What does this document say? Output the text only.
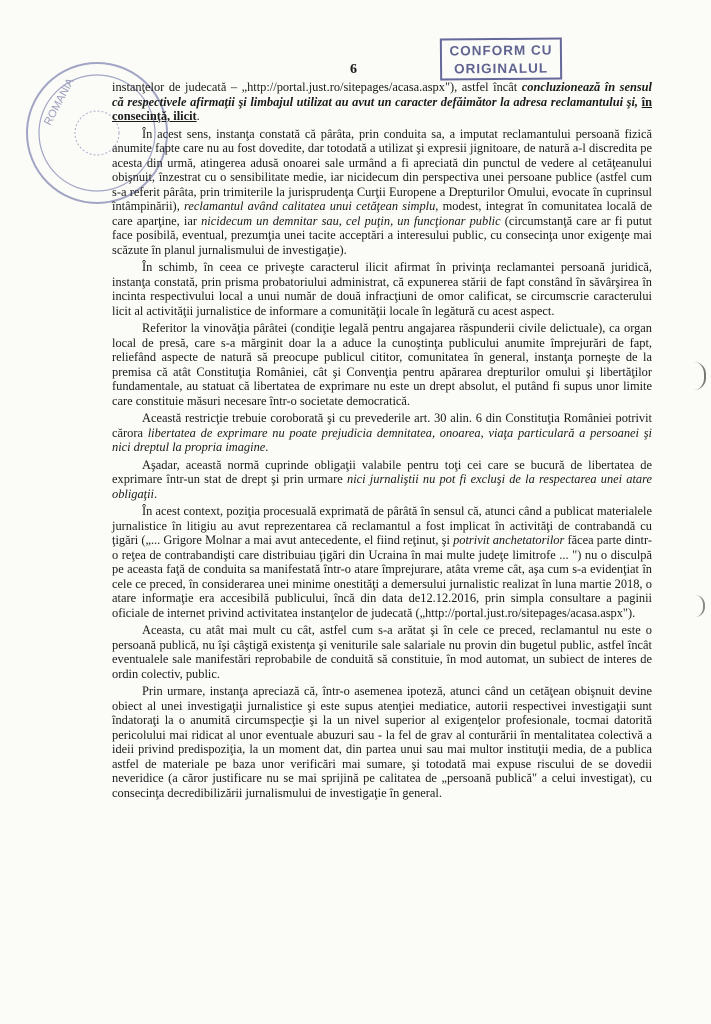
ROMANIA
CONFORM CU
ORIGINALUL
6

instanţelor de judecată – „http://portal.just.ro/sitepages/acasa.aspx"), astfel încât concluzionează în sensul că respectivele afirmaţii şi limbajul utilizat au avut un caracter defăimător la adresa reclamantului şi, în consecinţă, ilicit.

În acest sens, instanţa constată că pârâta, prin conduita sa, a imputat reclamantului persoană fizică anumite fapte care nu au fost dovedite, dar totodată a utilizat şi expresii jignitoare, de natură a-l discredita pe acesta din urmă, atingerea adusă onoarei sale urmând a fi apreciată din punctul de vedere al cetăţeanului obişnuit, înzestrat cu o sensibilitate medie, iar nicidecum din perspectiva unei persoane publice (astfel cum s-a referit pârâta, prin trimiterile la jurisprudenţa Curţii Europene a Drepturilor Omului, evocate în cuprinsul întâmpinării), reclamantul având calitatea unui cetăţean simplu, modest, integrat în comunitatea locală de care aparţine, iar nicidecum un demnitar sau, cel puţin, un funcţionar public (circumstanţă care ar fi putut face posibilă, eventual, prezumţia unei tacite acceptări a interesului public, cu consecinţa unor exigenţe mai scăzute în planul jurnalismului de investigaţie).

În schimb, în ceea ce priveşte caracterul ilicit afirmat în privinţa reclamantei persoană juridică, instanţa constată, prin prisma probatoriului administrat, că expunerea stării de fapt constând în săvârşirea în incinta respectivului local a unui număr de două infracţiuni de omor calificat, se circumscrie caracterului licit al activităţii jurnalistice de informare a comunităţii locale în legătură cu acest aspect.

Referitor la vinovăţia pârâtei (condiţie legală pentru angajarea răspunderii civile delictuale), ca organ local de presă, care s-a mărginit doar la a aduce la cunoştinţa publicului anumite împrejurări de fapt, reliefând aspecte de natură să preocupe publicul cititor, comunitatea în general, instanţa porneşte de la premisa că atât Constituţia României, cât şi Convenţia pentru apărarea drepturilor omului şi libertăţilor fundamentale, au statuat că libertatea de exprimare nu este un drept absolut, el putând fi supus unor limite care constituie măsuri necesare într-o societate democratică.

Această restricţie trebuie coroborată şi cu prevederile art. 30 alin. 6 din Constituţia României potrivit cărora libertatea de exprimare nu poate prejudicia demnitatea, onoarea, viaţa particulară a persoanei şi nici dreptul la propria imagine.

Aşadar, această normă cuprinde obligaţii valabile pentru toţi cei care se bucură de libertatea de exprimare într-un stat de drept şi prin urmare nici jurnaliştii nu pot fi excluşi de la respectarea unei atare obligaţii.

În acest context, poziţia procesuală exprimată de pârâtă în sensul că, atunci când a publicat materialele jurnalistice în litigiu au avut reprezentarea că reclamantul a fost implicat în activităţi de contrabandă cu ţigări („... Grigore Molnar a mai avut antecedente, el fiind reţinut, şi potrivit anchetatorilor făcea parte dintr-o reţea de contrabandişti care distribuiau ţigări din Ucraina în mai multe judeţe limitrofe ... ") nu o disculpă pe aceasta faţă de conduita sa manifestată într-o atare împrejurare, atâta vreme cât, aşa cum s-a evidenţiat în cele ce preced, în considerarea unei minime onestităţi a demersului jurnalistic realizat în luna martie 2018, o atare informaţie era accesibilă publicului, încă din data de12.12.2016, prin simpla consultare a paginii oficiale de internet privind activitatea instanţelor de judecată („http://portal.just.ro/sitepages/acasa.aspx").

Aceasta, cu atât mai mult cu cât, astfel cum s-a arătat şi în cele ce preced, reclamantul nu este o persoană publică, nu îşi câştigă existenţa şi veniturile sale salariale nu provin din bugetul public, astfel încât eventualele sale manifestări reprobabile de conduită să constituie, în mod automat, un subiect de interes de ordin colectiv, public.

Prin urmare, instanţa apreciază că, într-o asemenea ipoteză, atunci când un cetăţean obişnuit devine obiect al unei investigaţii jurnalistice şi este supus atenţiei mediatice, autorii respectivei investigaţii sunt îndatoraţi la o anumită circumspecţie şi la un nivel superior al exigenţelor profesionale, tocmai datorită pericolului mai ridicat al unor eventuale abuzuri sau - la fel de grav al conturării în mentalitatea colectivă a ideii privind predispoziţia, la un moment dat, din partea unui sau mai multor instituţii media, de a publica astfel de materiale pe baza unor verificări mai sumare, şi totodată mai expuse riscului de se dovedii neveridice (a căror justificare nu se mai sprijină pe calitatea de „persoană publică" a celui investigat), cu consecinţa decredibilizării jurnalismului de investigaţie în general.
